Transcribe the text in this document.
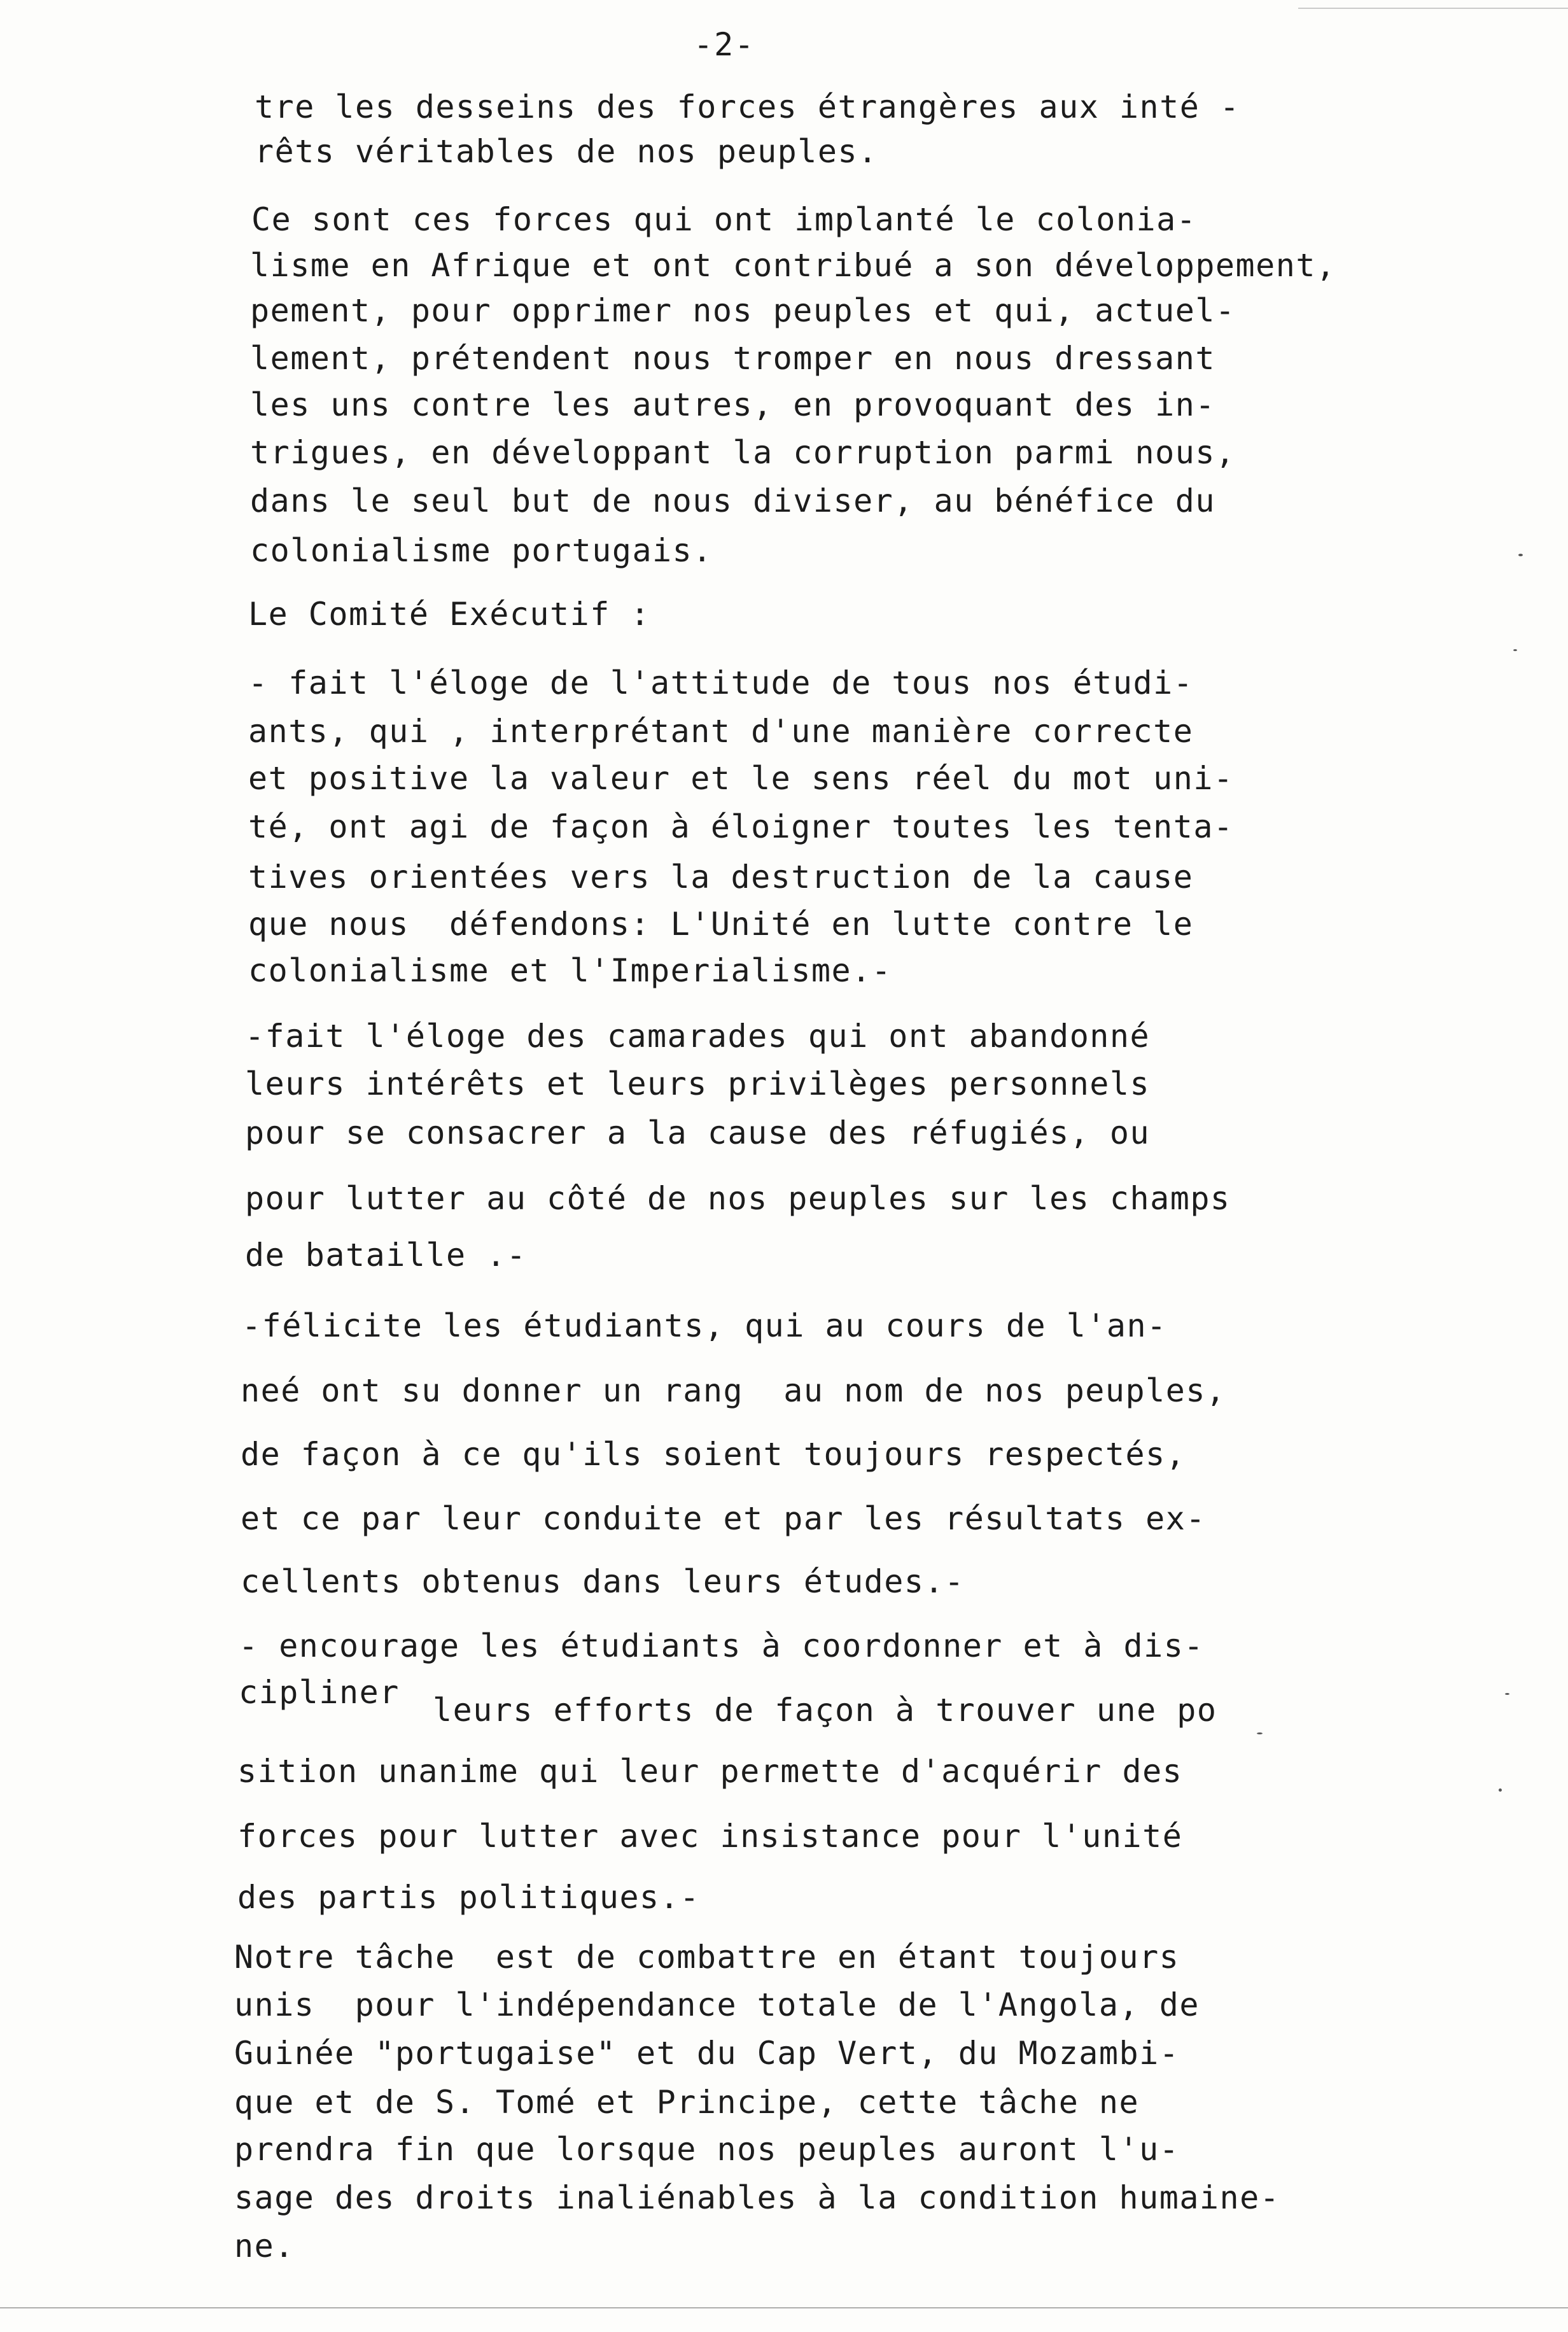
-2-
tre les desseins des forces étrangères aux inté -
rêts véritables de nos peuples.
Ce sont ces forces qui ont implanté le colonia-
lisme en Afrique et ont contribué a son développement,
pement, pour opprimer nos peuples et qui, actuel-
lement, prétendent nous tromper en nous dressant
les uns contre les autres, en provoquant des in-
trigues, en développant la corruption parmi nous,
dans le seul but de nous diviser, au bénéfice du
colonialisme portugais.
Le Comité Exécutif :
- fait l'éloge de l'attitude de tous nos étudi-
ants, qui , interprétant d'une manière correcte
et positive la valeur et le sens réel du mot uni-
té, ont agi de façon à éloigner toutes les tenta-
tives orientées vers la destruction de la cause
que nous  défendons: L'Unité en lutte contre le
colonialisme et l'Imperialisme.-
-fait l'éloge des camarades qui ont abandonné
leurs intérêts et leurs privilèges personnels
pour se consacrer a la cause des réfugiés, ou
pour lutter au côté de nos peuples sur les champs
de bataille .-
-félicite les étudiants, qui au cours de l'an-
neé ont su donner un rang  au nom de nos peuples,
de façon à ce qu'ils soient toujours respectés,
et ce par leur conduite et par les résultats ex-
cellents obtenus dans leurs études.-
- encourage les étudiants à coordonner et à dis-
cipliner leurs efforts de façon à trouver une po
sition unanime qui leur permette d'acquérir des
forces pour lutter avec insistance pour l'unité
des partis politiques.-
Notre tâche  est de combattre en étant toujours
unis  pour l'indépendance totale de l'Angola, de
Guinée "portugaise" et du Cap Vert, du Mozambi-
que et de S. Tomé et Principe, cette tâche ne
prendra fin que lorsque nos peuples auront l'u-
sage des droits inaliénables à la condition humaine-
ne.
